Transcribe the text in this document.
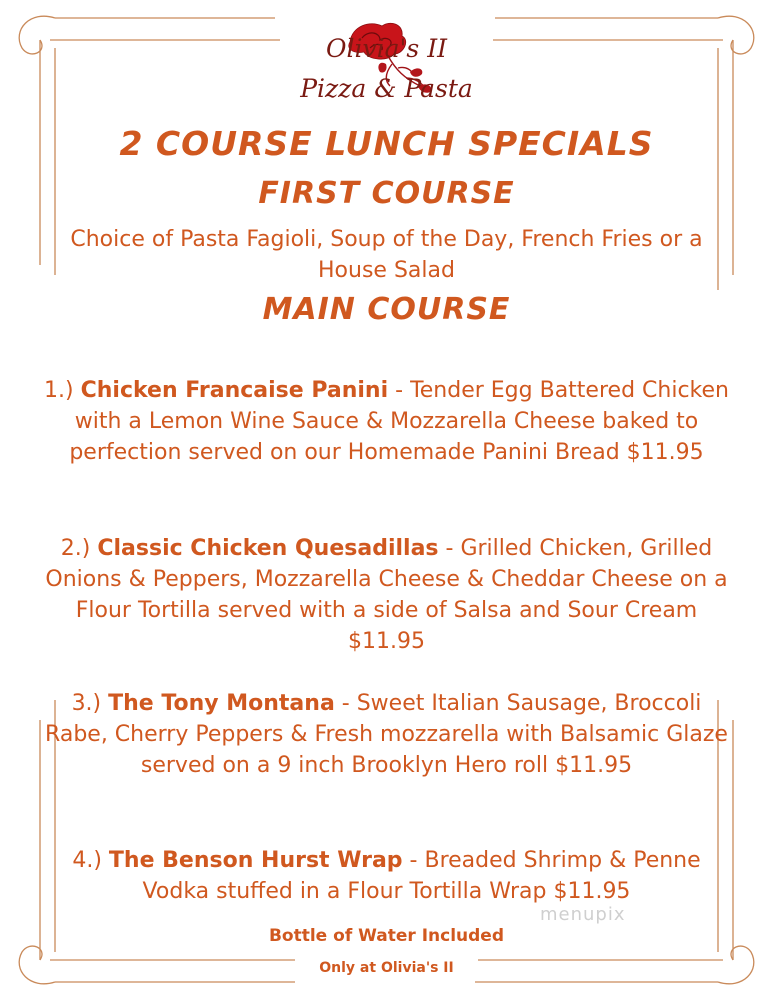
Olivia's II
Pizza & Pasta
2 COURSE LUNCH SPECIALS
FIRST COURSE
Choice of Pasta Fagioli, Soup of the Day, French Fries or a House Salad
MAIN COURSE
1.) Chicken Francaise Panini - Tender Egg Battered Chicken with a Lemon Wine Sauce & Mozzarella Cheese baked to perfection served on our Homemade Panini Bread $11.95
2.) Classic Chicken Quesadillas - Grilled Chicken, Grilled Onions & Peppers, Mozzarella Cheese & Cheddar Cheese on a Flour Tortilla served with a side of Salsa and Sour Cream $11.95
3.) The Tony Montana - Sweet Italian Sausage, Broccoli Rabe, Cherry Peppers & Fresh mozzarella with Balsamic Glaze served on a 9 inch Brooklyn Hero roll $11.95
4.) The Benson Hurst Wrap - Breaded Shrimp & Penne Vodka stuffed in a Flour Tortilla Wrap $11.95
menupix
Bottle of Water Included
Only at Olivia's II
